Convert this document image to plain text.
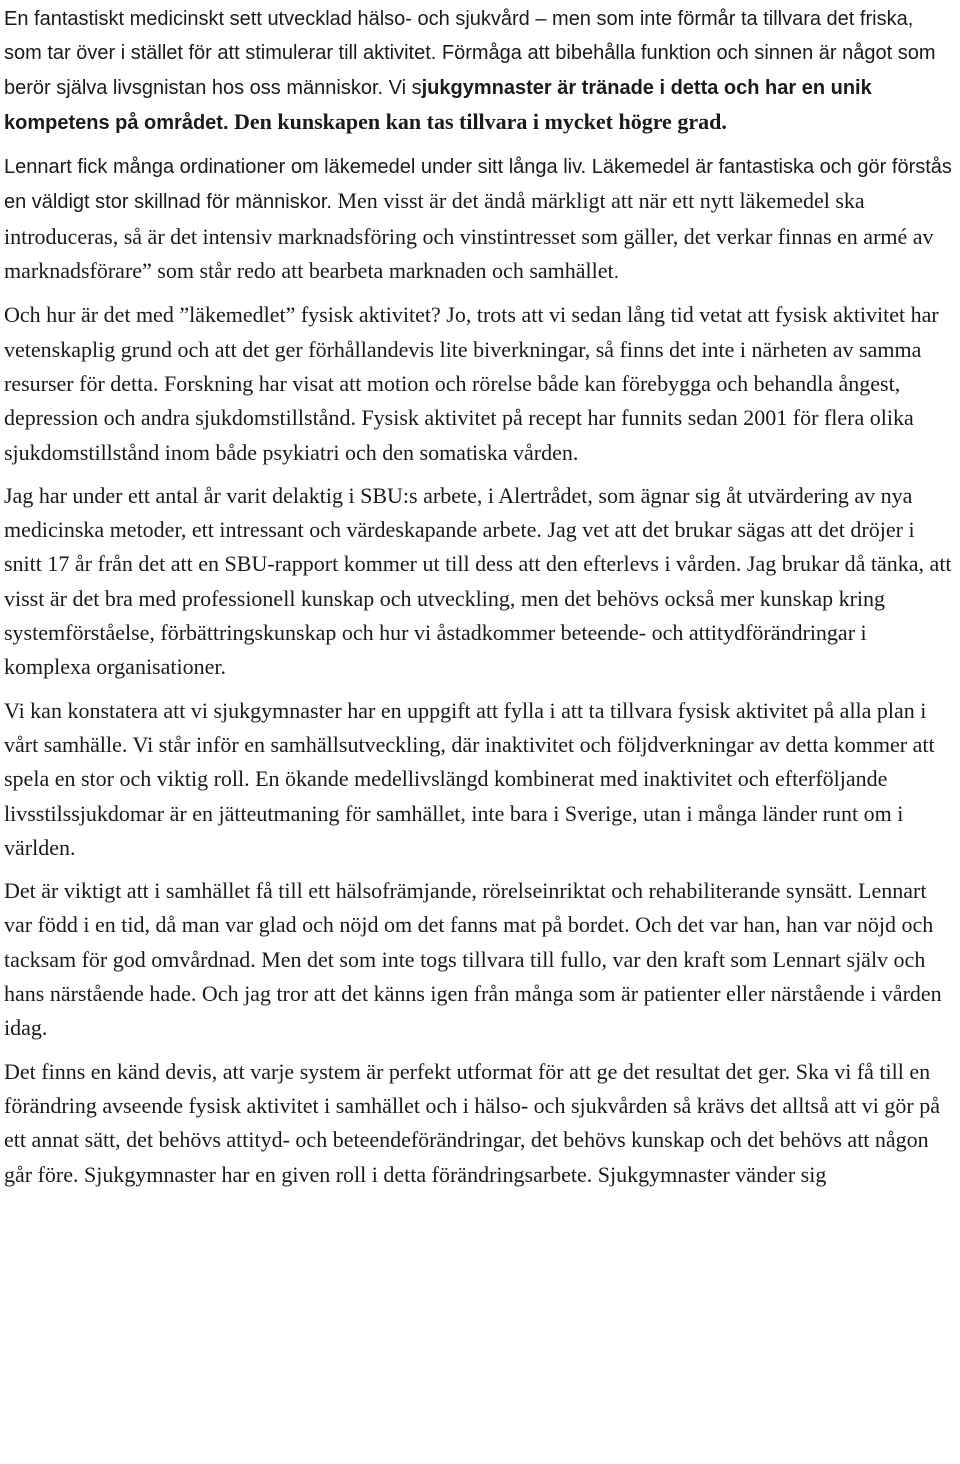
En fantastiskt medicinskt sett utvecklad hälso- och sjukvård – men som inte förmår ta tillvara det friska, som tar över i stället för att stimulerar till aktivitet. Förmåga att bibehålla funktion och sinnen är något som berör själva livsgnistan hos oss människor. Vi sjukgymnaster är tränade i detta och har en unik kompetens på området. Den kunskapen kan tas tillvara i mycket högre grad.

Lennart fick många ordinationer om läkemedel under sitt långa liv. Läkemedel är fantastiska och gör förstås en väldigt stor skillnad för människor. Men visst är det ändå märkligt att när ett nytt läkemedel ska introduceras, så är det intensiv marknadsföring och vinstintresset som gäller, det verkar finnas en armé av marknadsförare” som står redo att bearbeta marknaden och samhället.

Och hur är det med ”läkemedlet” fysisk aktivitet? Jo, trots att vi sedan lång tid vetat att fysisk aktivitet har vetenskaplig grund och att det ger förhållandevis lite biverkningar, så finns det inte i närheten av samma resurser för detta. Forskning har visat att motion och rörelse både kan förebygga och behandla ångest, depression och andra sjukdomstillstånd. Fysisk aktivitet på recept har funnits sedan 2001 för flera olika sjukdomstillstånd inom både psykiatri och den somatiska vården.

Jag har under ett antal år varit delaktig i SBU:s arbete, i Alertrådet, som ägnar sig åt utvärdering av nya medicinska metoder, ett intressant och värdeskapande arbete. Jag vet att det brukar sägas att det dröjer i snitt 17 år från det att en SBU-rapport kommer ut till dess att den efterlevs i vården. Jag brukar då tänka, att visst är det bra med professionell kunskap och utveckling, men det behövs också mer kunskap kring systemförståelse, förbättringskunskap och hur vi åstadkommer beteende- och attitydförändringar i komplexa organisationer.

Vi kan konstatera att vi sjukgymnaster har en uppgift att fylla i att ta tillvara fysisk aktivitet på alla plan i vårt samhälle. Vi står inför en samhällsutveckling, där inaktivitet och följdverkningar av detta kommer att spela en stor och viktig roll. En ökande medellivslängd kombinerat med inaktivitet och efterföljande livsstilssjukdomar är en jätteutmaning för samhället, inte bara i Sverige, utan i många länder runt om i världen.

Det är viktigt att i samhället få till ett hälsofrämjande, rörelseinriktat och rehabiliterande synsätt. Lennart var född i en tid, då man var glad och nöjd om det fanns mat på bordet. Och det var han, han var nöjd och tacksam för god omvårdnad. Men det som inte togs tillvara till fullo, var den kraft som Lennart själv och hans närstående hade. Och jag tror att det känns igen från många som är patienter eller närstående i vården idag.

Det finns en känd devis, att varje system är perfekt utformat för att ge det resultat det ger. Ska vi få till en förändring avseende fysisk aktivitet i samhället och i hälso- och sjukvården så krävs det alltså att vi gör på ett annat sätt, det behövs attityd- och beteendeförändringar, det behövs kunskap och det behövs att någon går före. Sjukgymnaster har en given roll i detta förändringsarbete. Sjukgymnaster vänder sig
